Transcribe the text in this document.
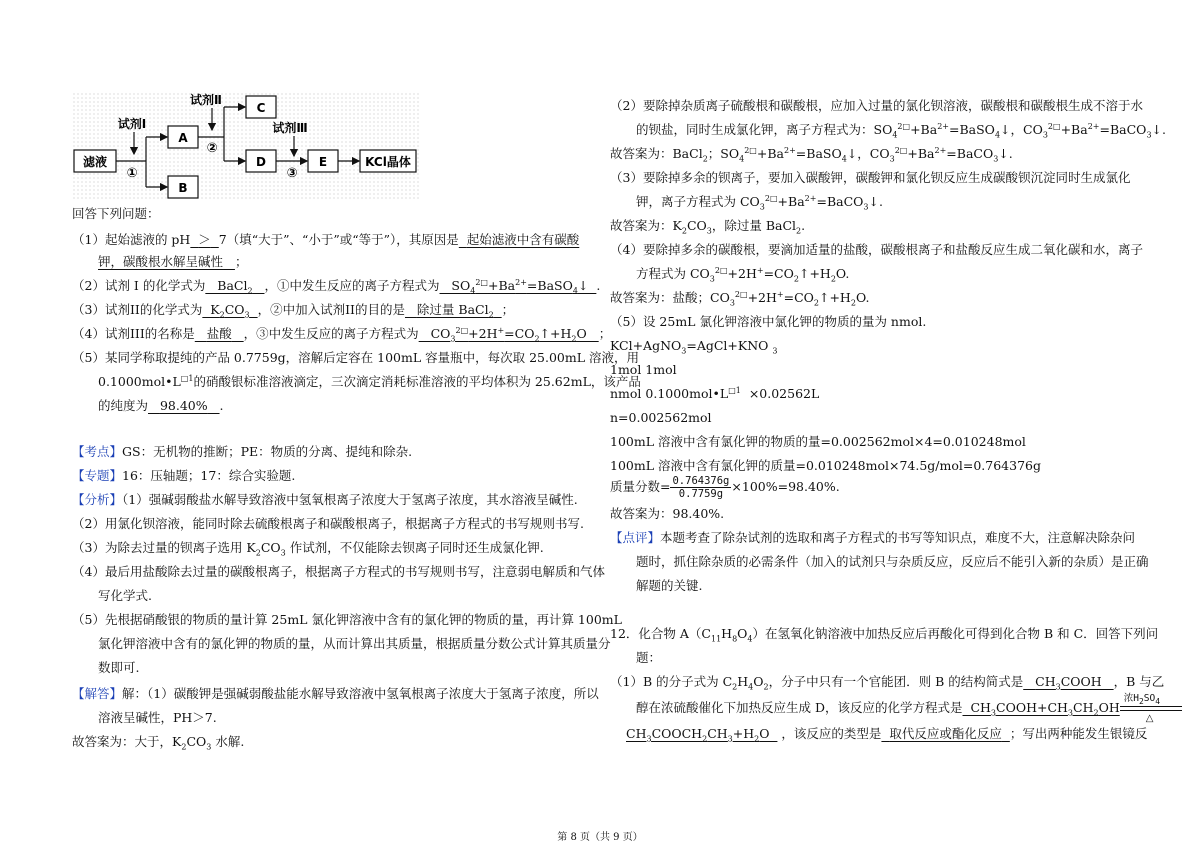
滤液
A
B
C
D	E	KCl晶体
试剂Ⅰ
试剂Ⅱ
试剂Ⅲ
①
②
③
回答下列问题：
（1）起始滤液的 pH ＞ 7（填“大于”、“小于”或“等于”），其原因是 起始滤液中含有碳酸
钾，碳酸根水解呈碱性 ；
（2）试剂 I 的化学式为   BaCl$_2$ ，①中发生反应的离子方程式为   $SO_4^{2□}+Ba^{2+}=BaSO_4↓$  .
（3）试剂II的化学式为  $K_2CO_3$ ，②中加入试剂II的目的是 除过量 BaCl$_2$ ；
（4）试剂III的名称是 盐酸 ，③中发生反应的离子方程式为   $CO_3^{2□}+2H^+=CO_2↑+H_2O$   ；
（5）某同学称取提纯的产品 0.7759g，溶解后定容在 100mL 容量瓶中，每次取 25.00mL 溶液，用
$0.1000mol•L^{□1}$的硝酸银标准溶液滴定，三次滴定消耗标准溶液的平均体积为 25.62mL，该产品
的纯度为 98.40% .
【考点】GS：无机物的推断；PE：物质的分离、提纯和除杂.
【专题】16：压轴题；17：综合实验题.
【分析】（1）强碱弱酸盐水解导致溶液中氢氧根离子浓度大于氢离子浓度，其水溶液呈碱性.
（2）用氯化钡溶液，能同时除去硫酸根离子和碳酸根离子，根据离子方程式的书写规则书写.
（3）为除去过量的钡离子选用 $K_2CO_3$ 作试剂，不仅能除去钡离子同时还生成氯化钾.
（4）最后用盐酸除去过量的碳酸根离子，根据离子方程式的书写规则书写，注意弱电解质和气体
写化学式.
（5）先根据硝酸银的物质的量计算 25mL 氯化钾溶液中含有的氯化钾的物质的量，再计算 100mL
氯化钾溶液中含有的氯化钾的物质的量，从而计算出其质量，根据质量分数公式计算其质量分
数即可.
【解答】解：（1）碳酸钾是强碱弱酸盐能水解导致溶液中氢氧根离子浓度大于氢离子浓度，所以
溶液呈碱性，PH＞7.
故答案为：大于，$K_2CO_3$ 水解.
（2）要除掉杂质离子硫酸根和碳酸根，应加入过量的氯化钡溶液，碳酸根和碳酸根生成不溶于水
的钡盐，同时生成氯化钾，离子方程式为：$SO_4^{2□}+Ba^{2+}=BaSO_4↓$，$CO_3^{2□}+Ba^{2+}=BaCO_3↓$.
故答案为：BaCl$_2$；$SO_4^{2□}+Ba^{2+}=BaSO_4↓$，$CO_3^{2□}+Ba^{2+}=BaCO_3↓$.
（3）要除掉多余的钡离子，要加入碳酸钾，碳酸钾和氯化钡反应生成碳酸钡沉淀同时生成氯化
钾，离子方程式为 $CO_3^{2□}+Ba^{2+}=BaCO_3↓$.
故答案为：$K_2CO_3$，除过量 BaCl$_2$.
（4）要除掉多余的碳酸根，要滴加适量的盐酸，碳酸根离子和盐酸反应生成二氧化碳和水，离子
方程式为 $CO_3^{2□}+2H^+=CO_2↑+H_2O$.
故答案为：盐酸；$CO_3^{2□}+2H^+=CO_2↑+H_2O$.
（5）设 25mL 氯化钾溶液中氯化钾的物质的量为 nmol.
KCl+AgNO$_3$=AgCl+KNO $_3$
1mol 1mol
nmol $0.1000mol•L^{□1} \times 0.02562L$
n=0.002562mol
100mL 溶液中含有氯化钾的物质的量=0.002562mol×4=0.010248mol
100mL 溶液中含有氯化钾的质量=0.010248mol×74.5g/mol=0.764376g
质量分数= $\frac{0.764376g}{0.7759g} \times 100\%=98.40\%$.
故答案为：98.40%.
【点评】本题考查了除杂试剂的选取和离子方程式的书写等知识点，难度不大，注意解决除杂问
题时，抓住除杂质的必需条件（加入的试剂只与杂质反应，反应后不能引入新的杂质）是正确
解题的关键.
12．化合物 $A(C_{11}H_8O_4)$在氢氧化钠溶液中加热反应后再酸化可得到化合物 B 和 C．回答下列问
题：
（1）B 的分子式为 $C_2H_4O_2$，分子中只有一个官能团．则 B 的结构简式是 $CH_3COOH$   ，B 与乙
醇在浓硫酸催化下加热反应生成 D，该反应的化学方程式是  $CH_3COOH+CH_3CH_2OH$
浓$H_2SO_4$
△
$CH_3COOCH_2CH_3+H_2O$   ，该反应的类型是 取代反应或酯化反应 ；写出两种能发生银镜反
第 8 页（共 9 页）
